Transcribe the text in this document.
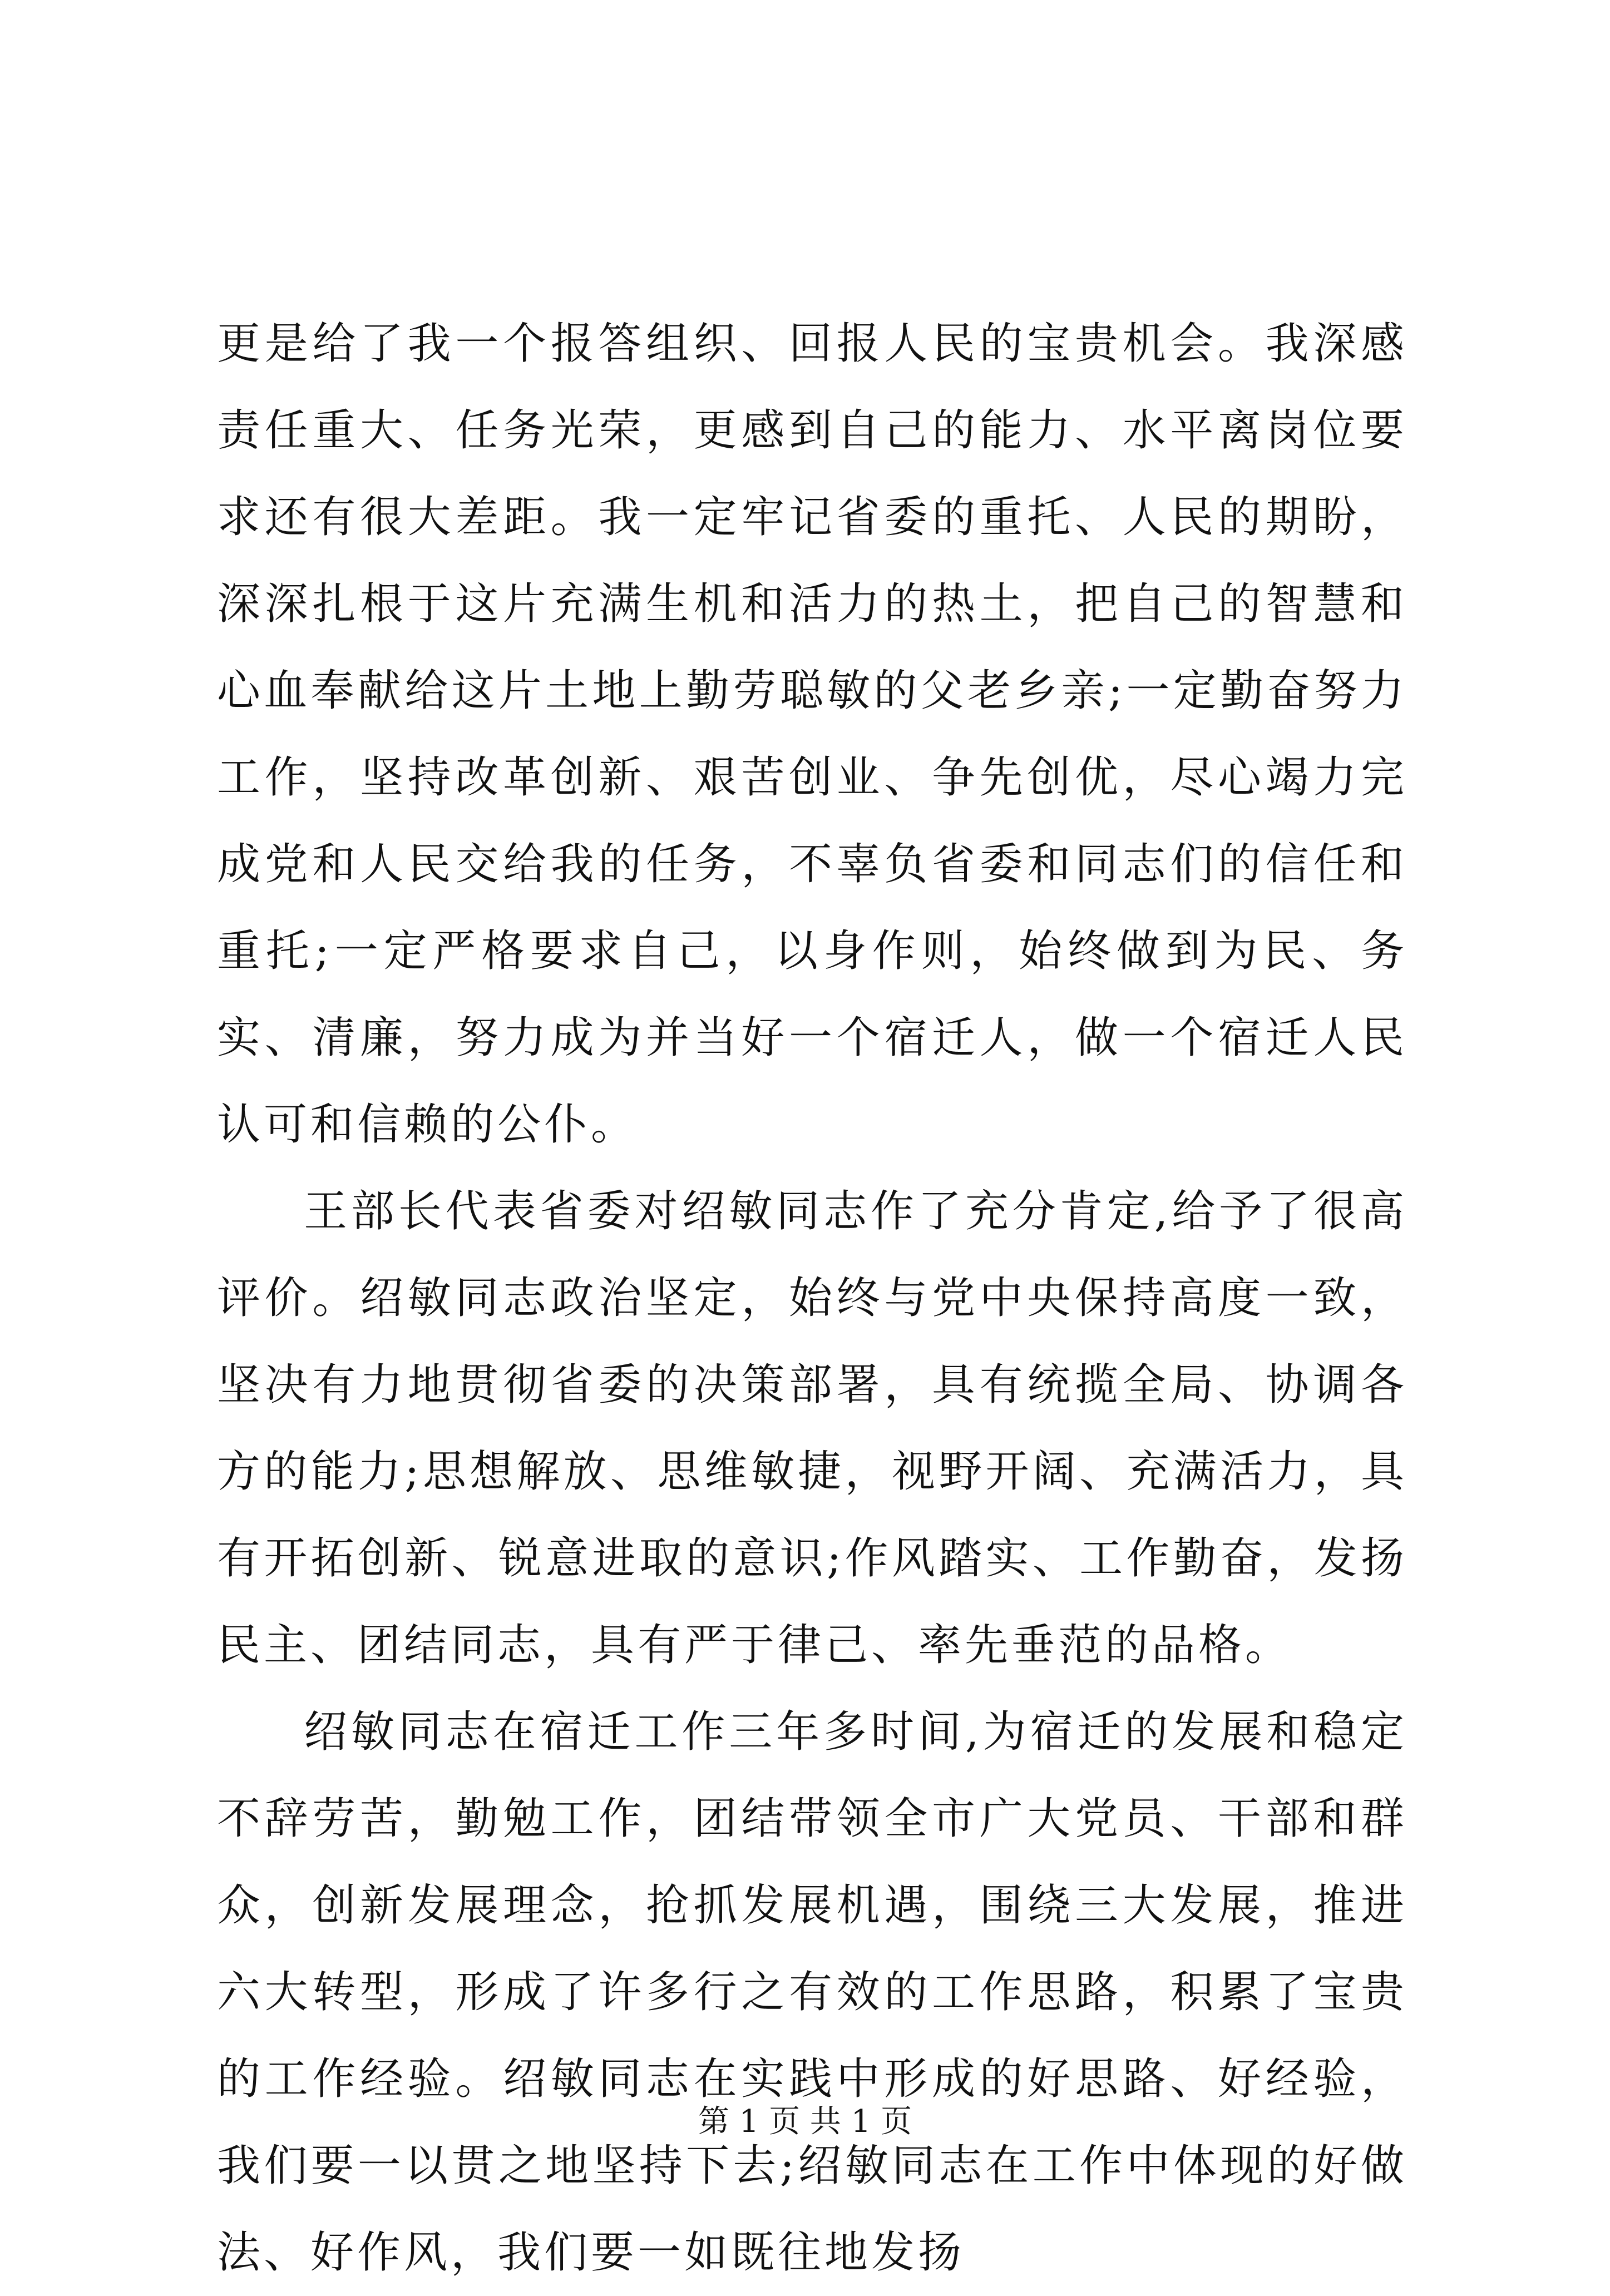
更是给了我一个报答组织、回报人民的宝贵机会。我深感责任重大、任务光荣，更感到自己的能力、水平离岗位要求还有很大差距。我一定牢记省委的重托、人民的期盼，深深扎根于这片充满生机和活力的热土，把自己的智慧和心血奉献给这片土地上勤劳聪敏的父老乡亲;一定勤奋努力工作，坚持改革创新、艰苦创业、争先创优，尽心竭力完成党和人民交给我的任务，不辜负省委和同志们的信任和重托;一定严格要求自己，以身作则，始终做到为民、务实、清廉，努力成为并当好一个宿迁人，做一个宿迁人民认可和信赖的公仆。

王部长代表省委对绍敏同志作了充分肯定,给予了很高评价。绍敏同志政治坚定，始终与党中央保持高度一致，坚决有力地贯彻省委的决策部署，具有统揽全局、协调各方的能力;思想解放、思维敏捷，视野开阔、充满活力，具有开拓创新、锐意进取的意识;作风踏实、工作勤奋，发扬民主、团结同志，具有严于律己、率先垂范的品格。

绍敏同志在宿迁工作三年多时间,为宿迁的发展和稳定不辞劳苦，勤勉工作，团结带领全市广大党员、干部和群众，创新发展理念，抢抓发展机遇，围绕三大发展，推进六大转型，形成了许多行之有效的工作思路，积累了宝贵的工作经验。绍敏同志在实践中形成的好思路、好经验，我们要一以贯之地坚持下去;绍敏同志在工作中体现的好做法、好作风，我们要一如既往地发扬

第 1 页 共 1 页
